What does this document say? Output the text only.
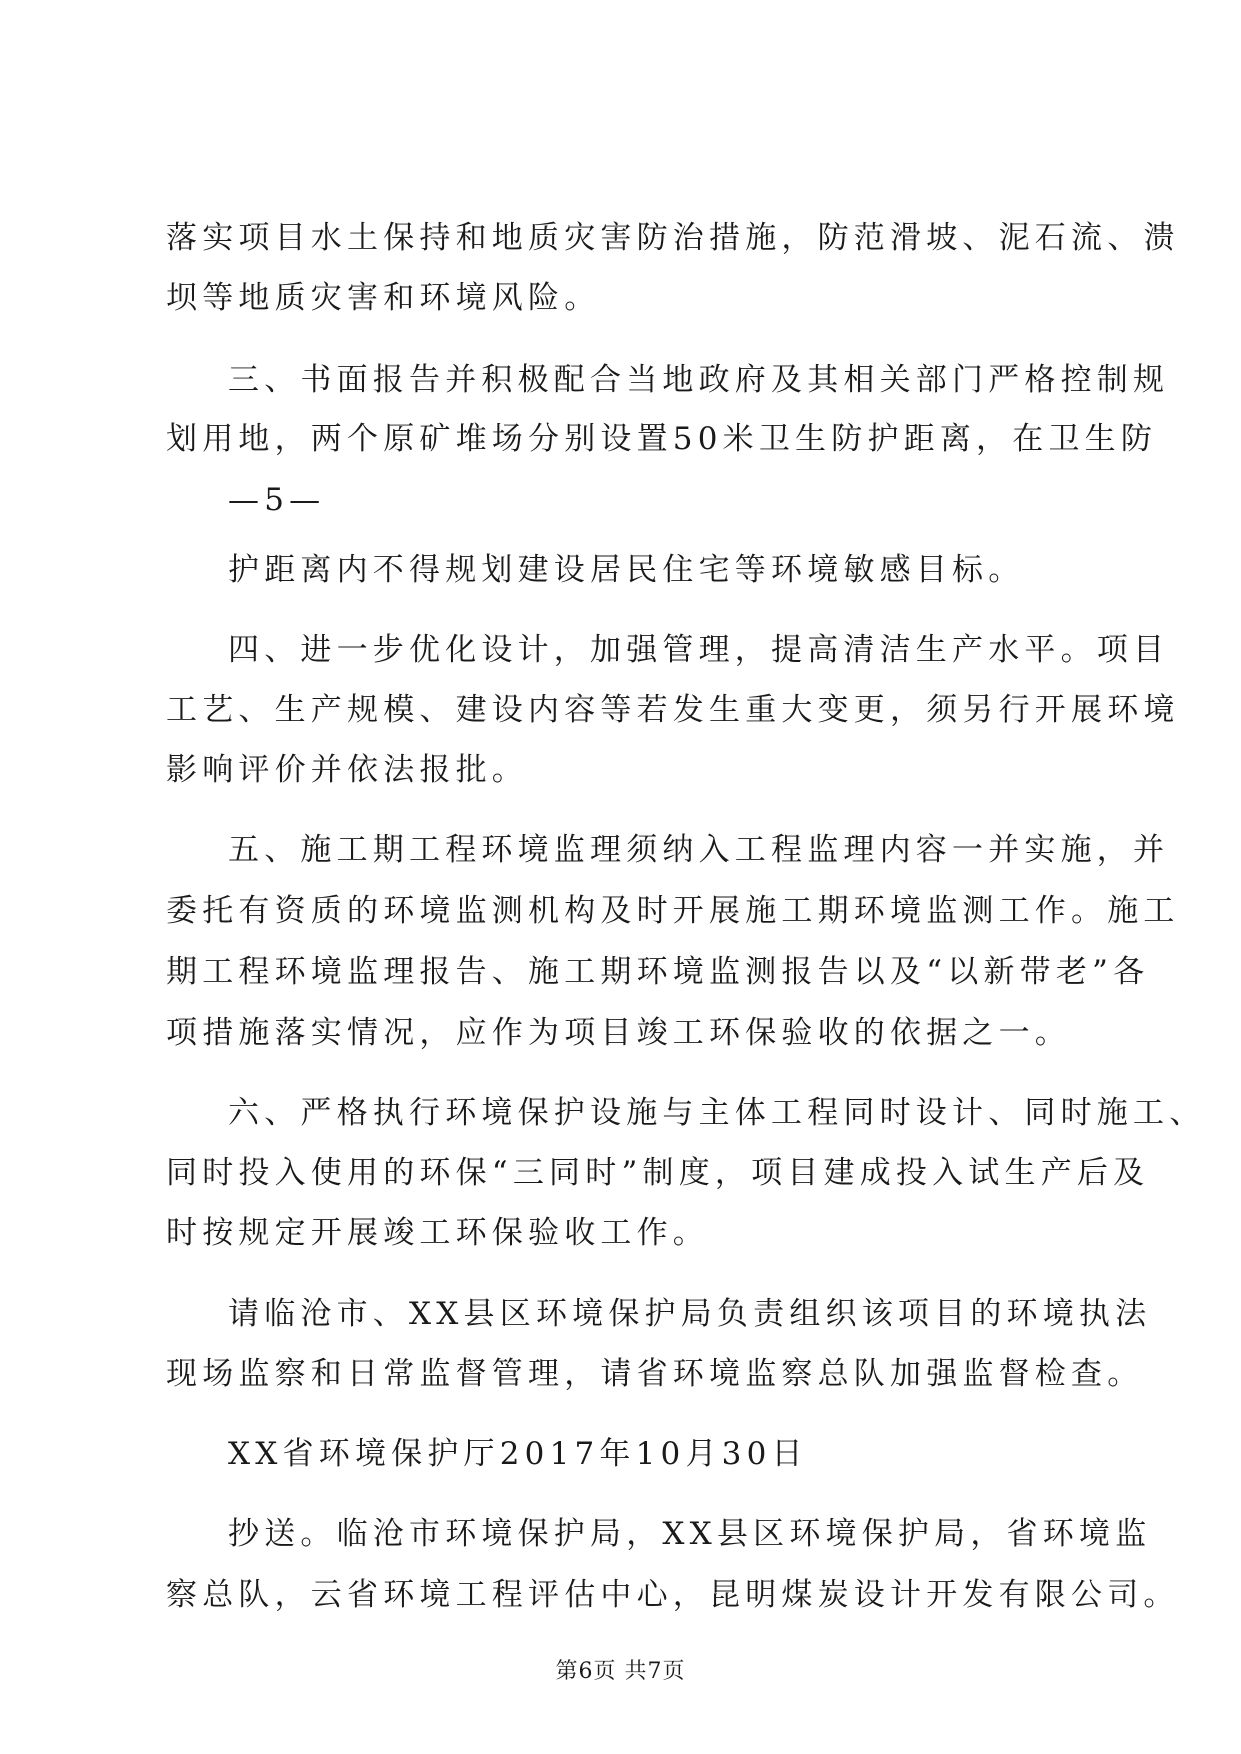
落实项目水土保持和地质灾害防治措施，防范滑坡、泥石流、溃
坝等地质灾害和环境风险。
三、书面报告并积极配合当地政府及其相关部门严格控制规
划用地，两个原矿堆场分别设置50米卫生防护距离，在卫生防
—5—
护距离内不得规划建设居民住宅等环境敏感目标。
四、进一步优化设计，加强管理，提高清洁生产水平。项目
工艺、生产规模、建设内容等若发生重大变更，须另行开展环境
影响评价并依法报批。
五、施工期工程环境监理须纳入工程监理内容一并实施，并
委托有资质的环境监测机构及时开展施工期环境监测工作。施工
期工程环境监理报告、施工期环境监测报告以及“以新带老”各
项措施落实情况，应作为项目竣工环保验收的依据之一。
六、严格执行环境保护设施与主体工程同时设计、同时施工、
同时投入使用的环保“三同时”制度，项目建成投入试生产后及
时按规定开展竣工环保验收工作。
请临沧市、XX县区环境保护局负责组织该项目的环境执法
现场监察和日常监督管理，请省环境监察总队加强监督检查。
XX省环境保护厅2017年10月30日
抄送。临沧市环境保护局，XX县区环境保护局，省环境监
察总队，云省环境工程评估中心，昆明煤炭设计开发有限公司。
第6页 共7页
